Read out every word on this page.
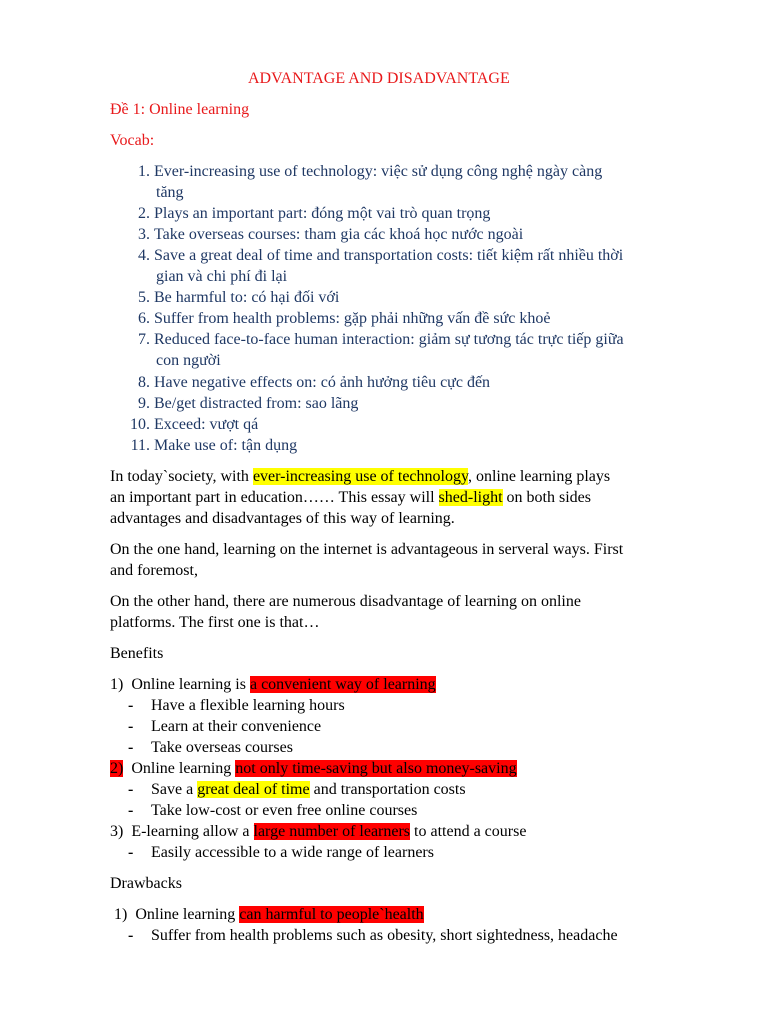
ADVANTAGE AND DISADVANTAGE
Đề 1: Online learning
Vocab:
1. Ever-increasing use of technology: việc sử dụng công nghệ ngày càng
tăng
2. Plays an important part: đóng một vai trò quan trọng
3. Take overseas courses: tham gia các khoá học nước ngoài
4. Save a great deal of time and transportation costs: tiết kiệm rất nhiều thời
gian và chi phí đi lại
5. Be harmful to: có hại đối với
6. Suffer from health problems: gặp phải những vấn đề sức khoẻ
7. Reduced face-to-face human interaction: giảm sự tương tác trực tiếp giữa
con người
8. Have negative effects on: có ảnh hưởng tiêu cực đến
9. Be/get distracted from: sao lãng
10. Exceed: vượt qá
11. Make use of: tận dụng
In today`society, with ever-increasing use of technology, online learning plays
an important part in education…… This essay will shed-light on both sides
advantages and disadvantages of this way of learning.
On the one hand, learning on the internet is advantageous in serveral ways. First
and foremost,
On the other hand, there are numerous disadvantage of learning on online
platforms. The first one is that…
Benefits
1) Online learning is a convenient way of learning
- Have a flexible learning hours
- Learn at their convenience
- Take overseas courses
2) Online learning not only time-saving but also money-saving
- Save a great deal of time and transportation costs
- Take low-cost or even free online courses
3) E-learning allow a large number of learners to attend a course
- Easily accessible to a wide range of learners
Drawbacks
1) Online learning can harmful to people`health
- Suffer from health problems such as obesity, short sightedness, headache
